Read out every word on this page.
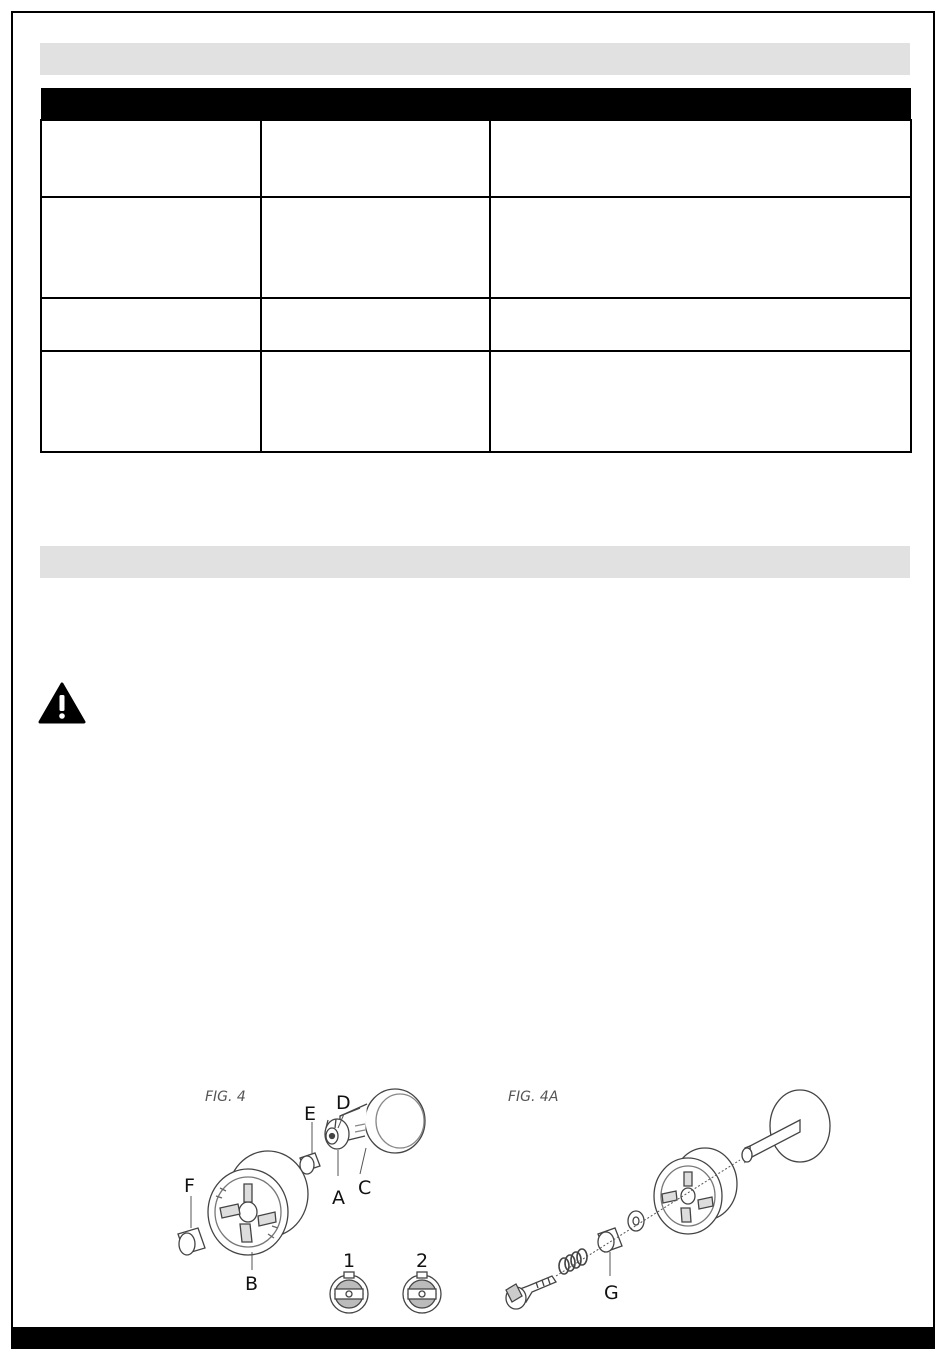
FIG. 4
E D
A C
F
B
1	2
FIG. 4A
G
